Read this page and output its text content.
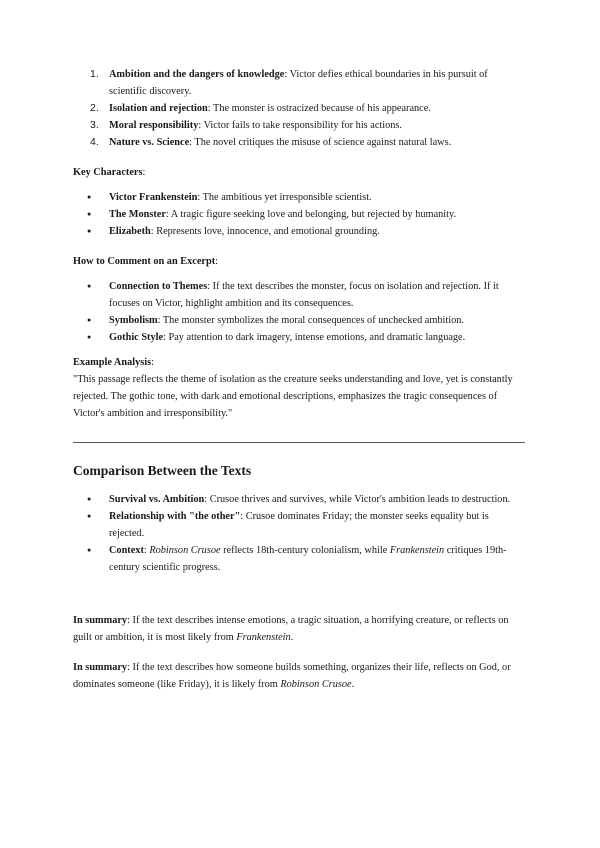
1. Ambition and the dangers of knowledge: Victor defies ethical boundaries in his pursuit of scientific discovery.
2. Isolation and rejection: The monster is ostracized because of his appearance.
3. Moral responsibility: Victor fails to take responsibility for his actions.
4. Nature vs. Science: The novel critiques the misuse of science against natural laws.
Key Characters:
● Victor Frankenstein: The ambitious yet irresponsible scientist.
● The Monster: A tragic figure seeking love and belonging, but rejected by humanity.
● Elizabeth: Represents love, innocence, and emotional grounding.
How to Comment on an Excerpt:
● Connection to Themes: If the text describes the monster, focus on isolation and rejection. If it focuses on Victor, highlight ambition and its consequences.
● Symbolism: The monster symbolizes the moral consequences of unchecked ambition.
● Gothic Style: Pay attention to dark imagery, intense emotions, and dramatic language.
Example Analysis:

"This passage reflects the theme of isolation as the creature seeks understanding and love, yet is constantly rejected. The gothic tone, with dark and emotional descriptions, emphasizes the tragic consequences of Victor's ambition and irresponsibility."

Comparison Between the Texts
● Survival vs. Ambition: Crusoe thrives and survives, while Victor's ambition leads to destruction.
● Relationship with "the other": Crusoe dominates Friday; the monster seeks equality but is rejected.
● Context: Robinson Crusoe reflects 18th-century colonialism, while Frankenstein critiques 19th-century scientific progress.

In summary: If the text describes intense emotions, a tragic situation, a horrifying creature, or reflects on guilt or ambition, it is most likely from Frankenstein.

In summary: If the text describes how someone builds something, organizes their life, reflects on God, or dominates someone (like Friday), it is likely from Robinson Crusoe.
